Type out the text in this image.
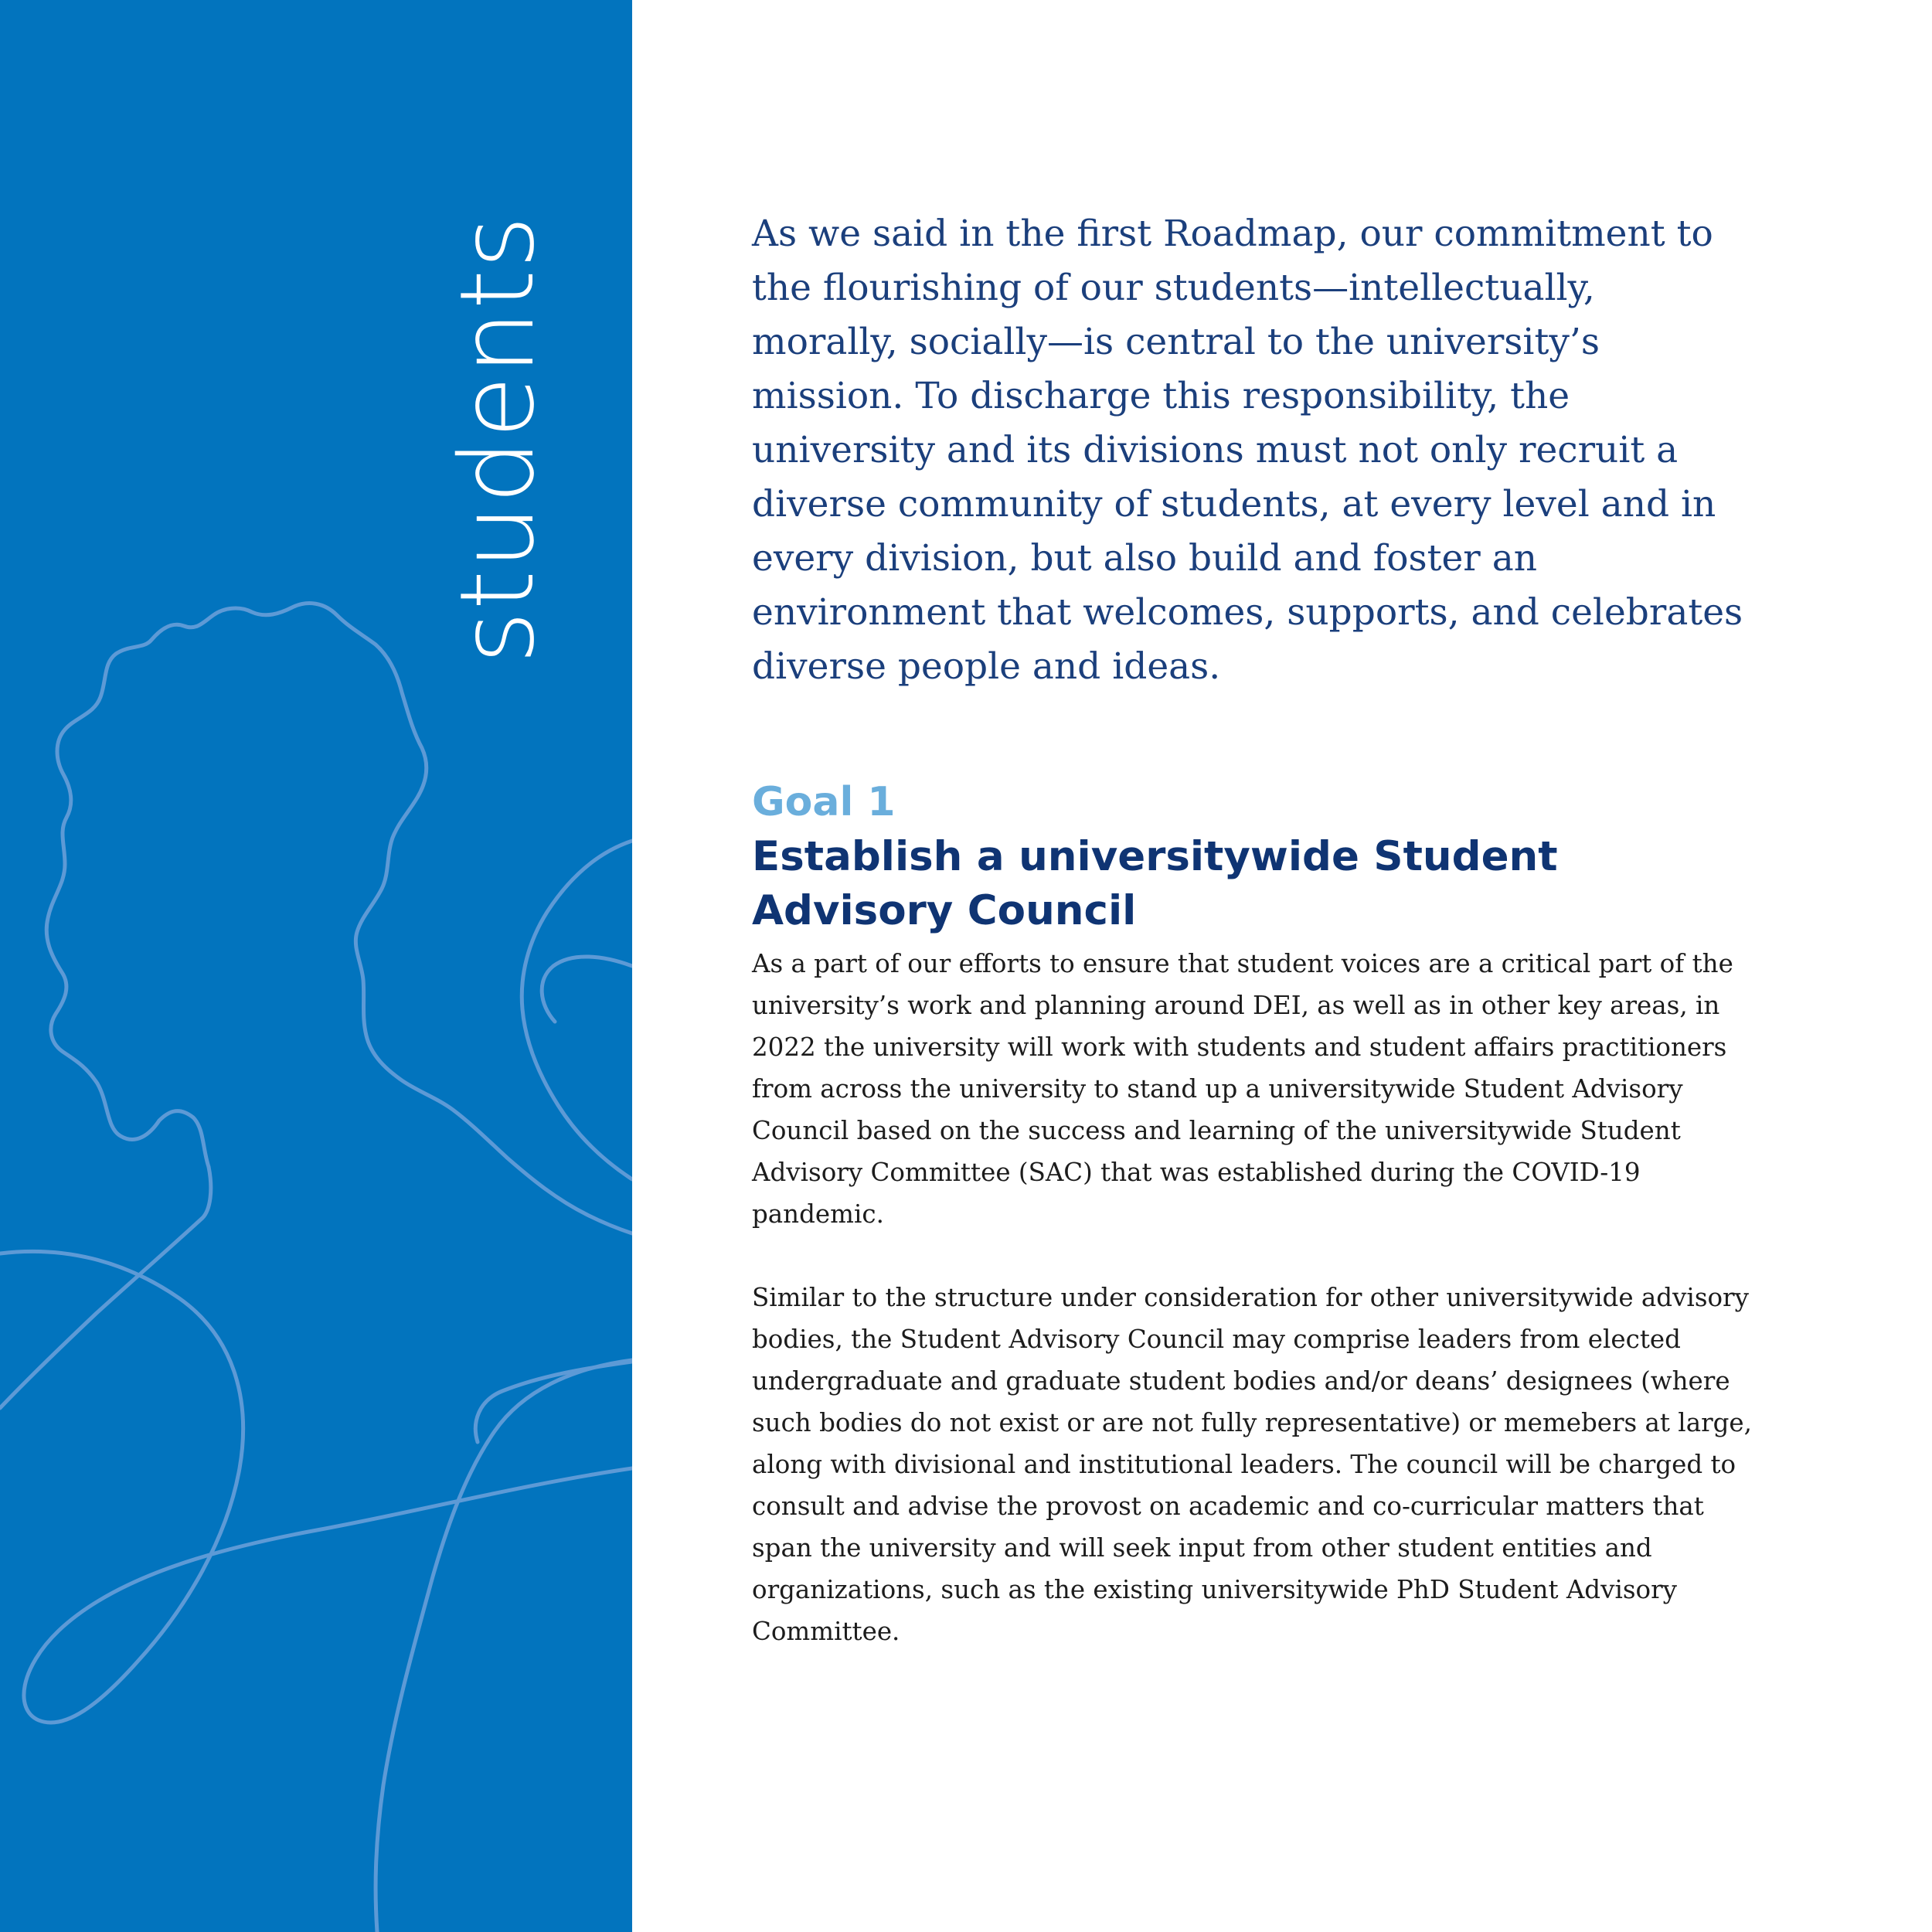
students	As we said in the first Roadmap, our commitment to the flourishing of our students—intellectually, morally, socially—is central to the university’s mission. To discharge this responsibility, the university and its divisions must not only recruit a diverse community of students, at every level and in every division, but also build and foster an environment that welcomes, supports, and celebrates diverse people and ideas.

Goal 1
Establish a universitywide Student Advisory Council

As a part of our efforts to ensure that student voices are a critical part of the university’s work and planning around DEI, as well as in other key areas, in 2022 the university will work with students and student affairs practitioners from across the university to stand up a universitywide Student Advisory Council based on the success and learning of the universitywide Student Advisory Committee (SAC) that was established during the COVID-19 pandemic.

Similar to the structure under consideration for other universitywide advisory bodies, the Student Advisory Council may comprise leaders from elected undergraduate and graduate student bodies and/or deans’ designees (where such bodies do not exist or are not fully representative) or memebers at large, along with divisional and institutional leaders. The council will be charged to consult and advise the provost on academic and co-curricular matters that span the university and will seek input from other student entities and organizations, such as the existing universitywide PhD Student Advisory Committee.
